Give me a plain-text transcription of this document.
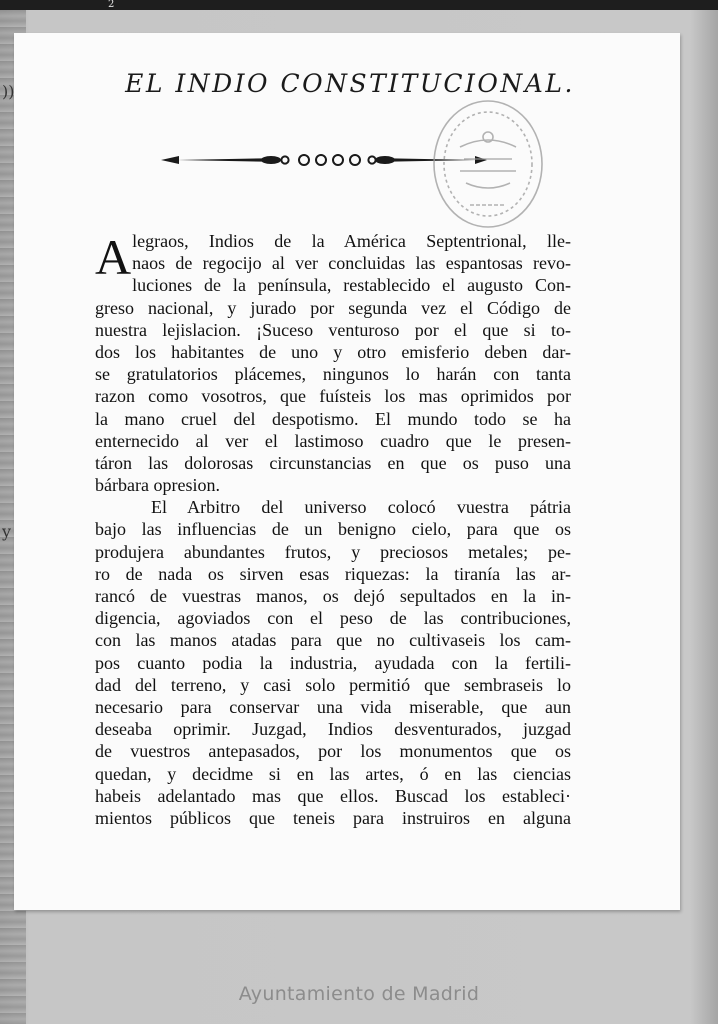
2
))
y
EL INDIO CONSTITUCIONAL.
A legraos, Indios de la América Septentrional, lle-
naos de regocijo al ver concluidas las espantosas revo-
luciones de la península, restablecido el augusto Con-
greso nacional, y jurado por segunda vez el Código de
nuestra lejislacion. ¡Suceso venturoso por el que si to-
dos los habitantes de uno y otro emisferio deben dar-
se gratulatorios plácemes, ningunos lo harán con tanta
razon como vosotros, que fuísteis los mas oprimidos por
la mano cruel del despotismo. El mundo todo se ha
enternecido al ver el lastimoso cuadro que le presen-
táron las dolorosas circunstancias en que os puso una
bárbara opresion.
El Arbitro del universo colocó vuestra pátria
bajo las influencias de un benigno cielo, para que os
produjera abundantes frutos, y preciosos metales; pe-
ro de nada os sirven esas riquezas: la tiranía las ar-
rancó de vuestras manos, os dejó sepultados en la in-
digencia, agoviados con el peso de las contribuciones,
con las manos atadas para que no cultivaseis los cam-
pos cuanto podia la industria, ayudada con la fertili-
dad del terreno, y casi solo permitió que sembraseis lo
necesario para conservar una vida miserable, que aun
deseaba oprimir. Juzgad, Indios desventurados, juzgad
de vuestros antepasados, por los monumentos que os
quedan, y decidme si en las artes, ó en las ciencias
habeis adelantado mas que ellos. Buscad los estableci·
mientos públicos que teneis para instruiros en alguna
Ayuntamiento de Madrid
